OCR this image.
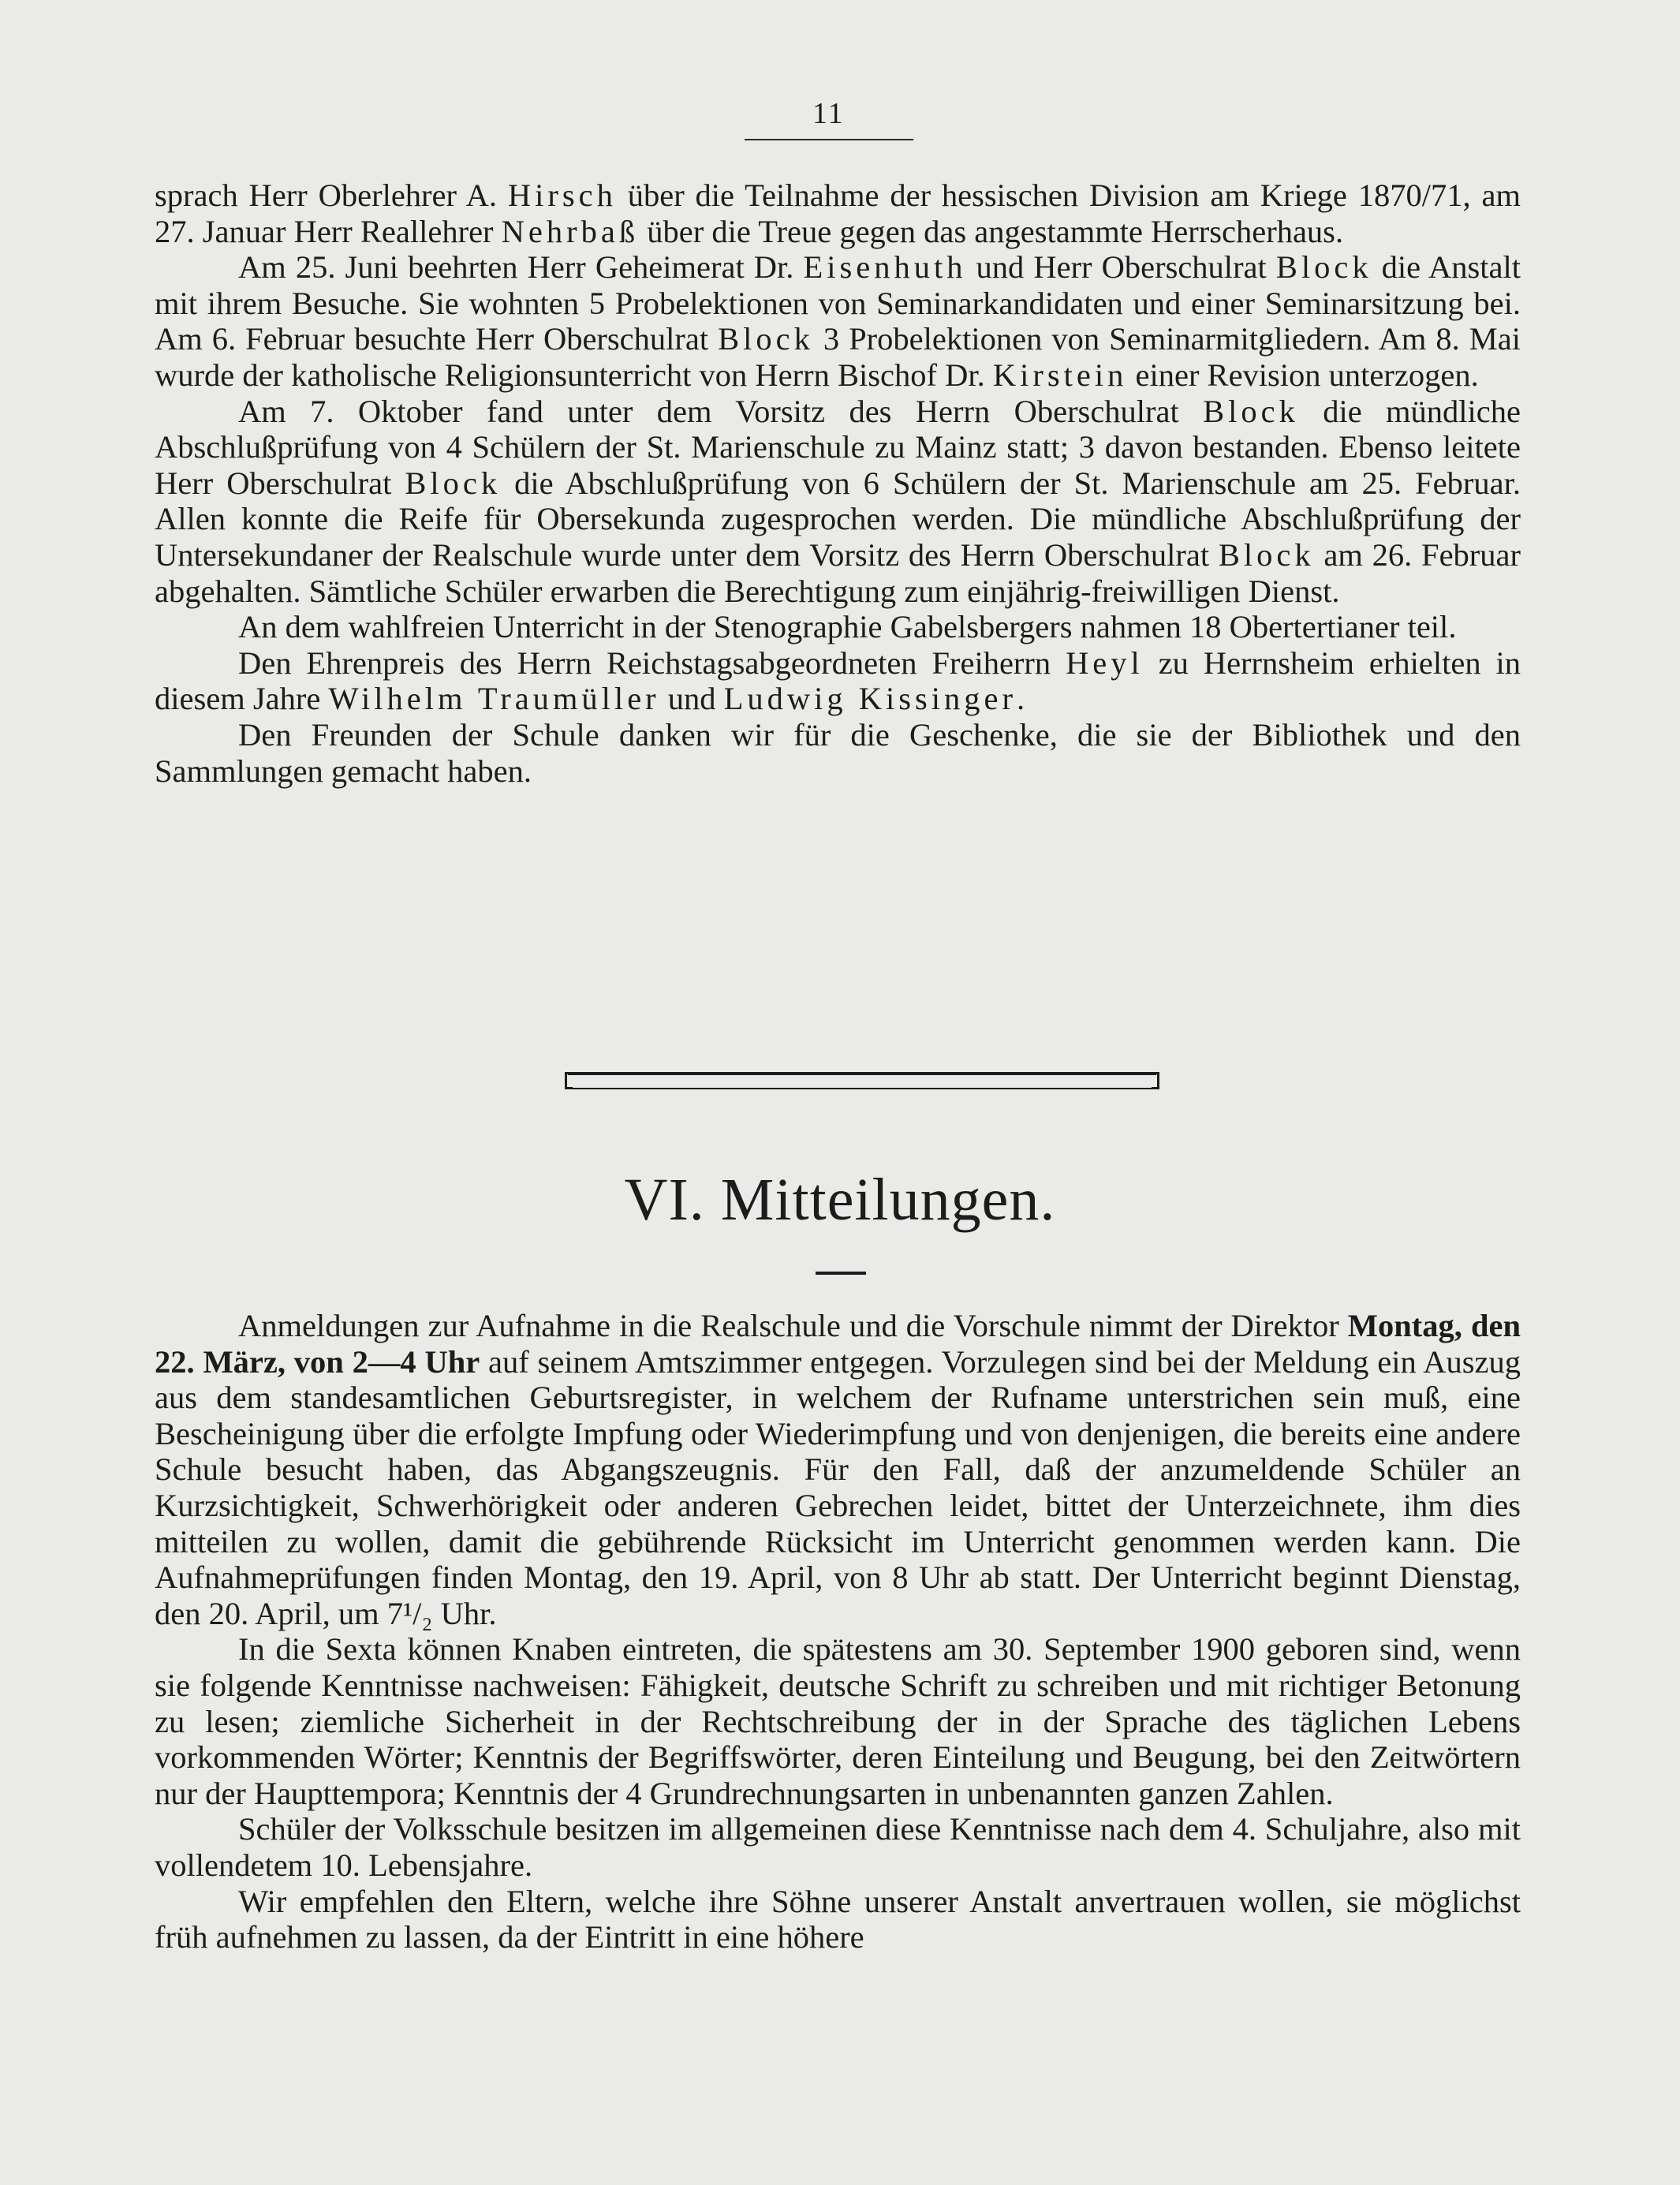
11

sprach Herr Oberlehrer A. Hirsch über die Teilnahme der hessischen Division am Kriege 1870/71, am 27. Januar Herr Reallehrer Nehrbaß über die Treue gegen das angestammte Herrscherhaus.

Am 25. Juni beehrten Herr Geheimerat Dr. Eisenhuth und Herr Oberschulrat Block die Anstalt mit ihrem Besuche. Sie wohnten 5 Probelektionen von Seminarkandidaten und einer Seminarsitzung bei. Am 6. Februar besuchte Herr Oberschulrat Block 3 Probelektionen von Seminarmitgliedern. Am 8. Mai wurde der katholische Religionsunterricht von Herrn Bischof Dr. Kirstein einer Revision unterzogen.

Am 7. Oktober fand unter dem Vorsitz des Herrn Oberschulrat Block die mündliche Abschlußprüfung von 4 Schülern der St. Marienschule zu Mainz statt; 3 davon bestanden. Ebenso leitete Herr Oberschulrat Block die Abschlußprüfung von 6 Schülern der St. Marienschule am 25. Februar. Allen konnte die Reife für Obersekunda zugesprochen werden. Die mündliche Abschlußprüfung der Untersekundaner der Realschule wurde unter dem Vorsitz des Herrn Oberschulrat Block am 26. Februar abgehalten. Sämtliche Schüler erwarben die Berechtigung zum einjährig-freiwilligen Dienst.

An dem wahlfreien Unterricht in der Stenographie Gabelsbergers nahmen 18 Obertertianer teil.

Den Ehrenpreis des Herrn Reichstagsabgeordneten Freiherrn Heyl zu Herrnsheim erhielten in diesem Jahre Wilhelm Traumüller und Ludwig Kissinger.

Den Freunden der Schule danken wir für die Geschenke, die sie der Bibliothek und den Sammlungen gemacht haben.

VI. Mitteilungen.

Anmeldungen zur Aufnahme in die Realschule und die Vorschule nimmt der Direktor Montag, den 22. März, von 2—4 Uhr auf seinem Amtszimmer entgegen. Vorzulegen sind bei der Meldung ein Auszug aus dem standesamtlichen Geburtsregister, in welchem der Rufname unterstrichen sein muß, eine Bescheinigung über die erfolgte Impfung oder Wiederimpfung und von denjenigen, die bereits eine andere Schule besucht haben, das Abgangszeugnis. Für den Fall, daß der anzumeldende Schüler an Kurzsichtigkeit, Schwerhörigkeit oder anderen Gebrechen leidet, bittet der Unterzeichnete, ihm dies mitteilen zu wollen, damit die gebührende Rücksicht im Unterricht genommen werden kann. Die Aufnahmeprüfungen finden Montag, den 19. April, von 8 Uhr ab statt. Der Unterricht beginnt Dienstag, den 20. April, um 7¹/₂ Uhr.

In die Sexta können Knaben eintreten, die spätestens am 30. September 1900 geboren sind, wenn sie folgende Kenntnisse nachweisen: Fähigkeit, deutsche Schrift zu schreiben und mit richtiger Betonung zu lesen; ziemliche Sicherheit in der Rechtschreibung der in der Sprache des täglichen Lebens vorkommenden Wörter; Kenntnis der Begriffswörter, deren Einteilung und Beugung, bei den Zeitwörtern nur der Haupttempora; Kenntnis der 4 Grundrechnungsarten in unbenannten ganzen Zahlen.

Schüler der Volksschule besitzen im allgemeinen diese Kenntnisse nach dem 4. Schuljahre, also mit vollendetem 10. Lebensjahre.

Wir empfehlen den Eltern, welche ihre Söhne unserer Anstalt anvertrauen wollen, sie möglichst früh aufnehmen zu lassen, da der Eintritt in eine höhere
